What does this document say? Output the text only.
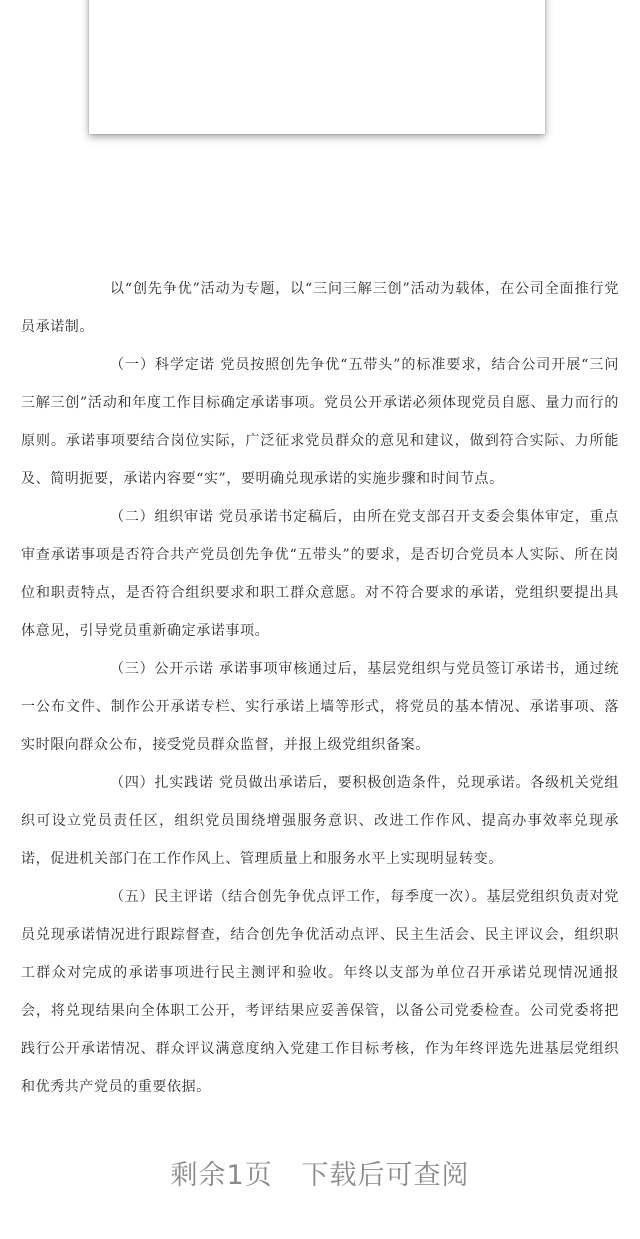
以“创先争优”活动为专题，以“三问三解三创”活动为载体，在公司全面推行党员承诺制。

（一）科学定诺 党员按照创先争优“五带头”的标准要求，结合公司开展“三问三解三创”活动和年度工作目标确定承诺事项。党员公开承诺必须体现党员自愿、量力而行的原则。承诺事项要结合岗位实际，广泛征求党员群众的意见和建议，做到符合实际、力所能及、简明扼要，承诺内容要“实”，要明确兑现承诺的实施步骤和时间节点。

（二）组织审诺 党员承诺书定稿后，由所在党支部召开支委会集体审定，重点审查承诺事项是否符合共产党员创先争优“五带头”的要求，是否切合党员本人实际、所在岗位和职责特点，是否符合组织要求和职工群众意愿。对不符合要求的承诺，党组织要提出具体意见，引导党员重新确定承诺事项。

（三）公开示诺 承诺事项审核通过后，基层党组织与党员签订承诺书，通过统一公布文件、制作公开承诺专栏、实行承诺上墙等形式，将党员的基本情况、承诺事项、落实时限向群众公布，接受党员群众监督，并报上级党组织备案。

（四）扎实践诺 党员做出承诺后，要积极创造条件，兑现承诺。各级机关党组织可设立党员责任区，组织党员围绕增强服务意识、改进工作作风、提高办事效率兑现承诺，促进机关部门在工作作风上、管理质量上和服务水平上实现明显转变。

（五）民主评诺（结合创先争优点评工作，每季度一次）。基层党组织负责对党员兑现承诺情况进行跟踪督查，结合创先争优活动点评、民主生活会、民主评议会，组织职工群众对完成的承诺事项进行民主测评和验收。年终以支部为单位召开承诺兑现情况通报会，将兑现结果向全体职工公开，考评结果应妥善保管，以备公司党委检查。公司党委将把践行公开承诺情况、群众评议满意度纳入党建工作目标考核，作为年终评选先进基层党组织和优秀共产党员的重要依据。

剩余1页   下载后可查阅
